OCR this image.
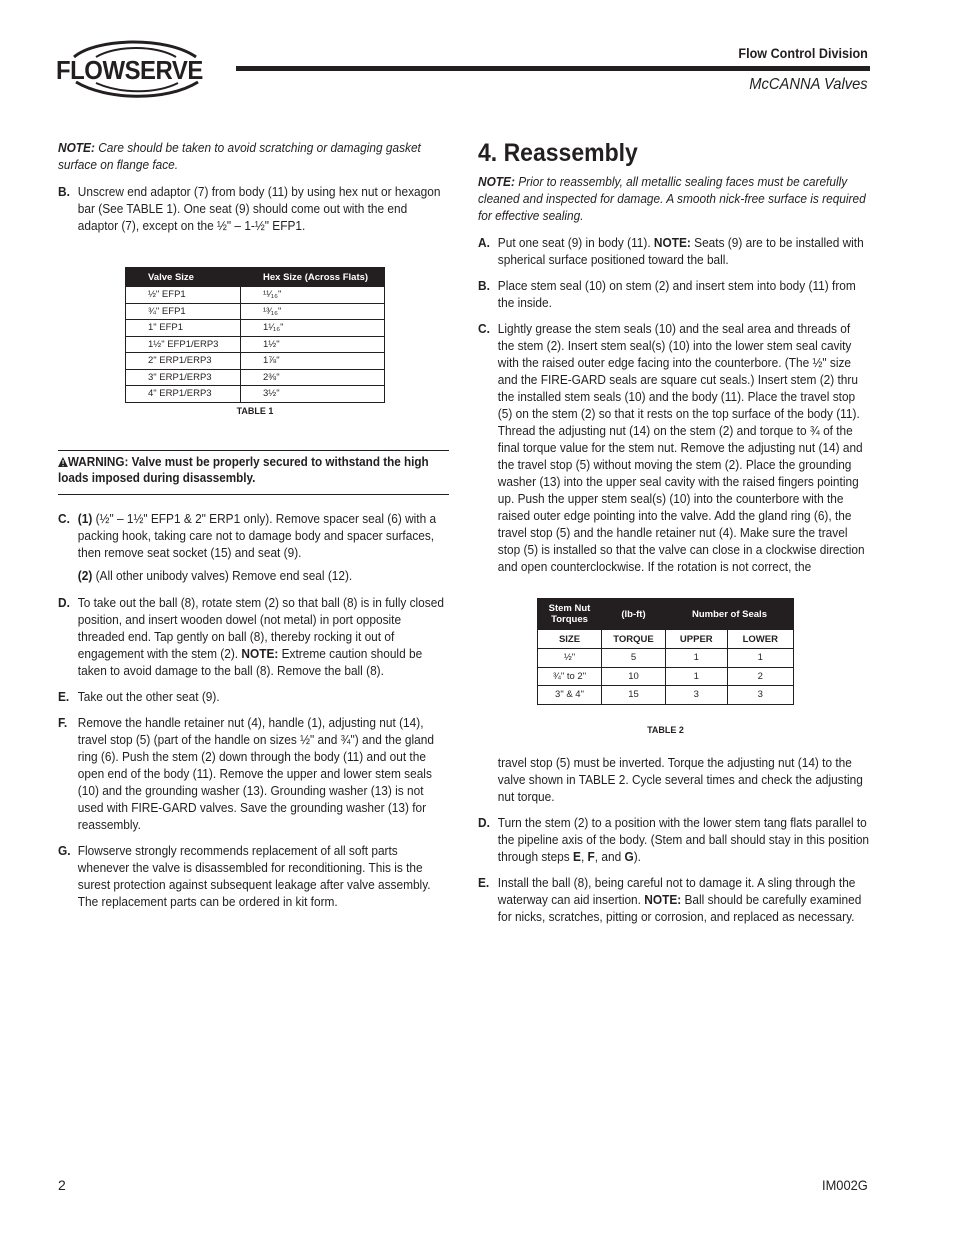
FLOWSERVE
Flow Control Division
McCANNA Valves

NOTE: Care should be taken to avoid scratching or damaging gasket surface on flange face.

B. Unscrew end adaptor (7) from body (11) by using hex nut or hexagon bar (See TABLE 1). One seat (9) should come out with the end adaptor (7), except on the ½" – 1-½" EFP1.

Valve Size	Hex Size (Across Flats)
½" EFP1	¹¹⁄₁₆"
¾" EFP1	¹³⁄₁₆"
1" EFP1	1¹⁄₁₆"
1½" EFP1/ERP3	1½"
2" ERP1/ERP3	1⅞"
3" ERP1/ERP3	2⅜"
4" ERP1/ERP3	3½"
TABLE 1
WARNING: Valve must be properly secured to withstand the high loads imposed during disassembly.
C. (1) (½" – 1½" EFP1 & 2" ERP1 only). Remove spacer seal (6) with a packing hook, taking care not to damage body and spacer surfaces, then remove seat socket (15) and seat (9).

(2) (All other unibody valves) Remove end seal (12).

D. To take out the ball (8), rotate stem (2) so that ball (8) is in fully closed position, and insert wooden dowel (not metal) in port opposite threaded end. Tap gently on ball (8), thereby rocking it out of engagement with the stem (2). NOTE: Extreme caution should be taken to avoid damage to the ball (8). Remove the ball (8).

E. Take out the other seat (9).

F. Remove the handle retainer nut (4), handle (1), adjusting nut (14), travel stop (5) (part of the handle on sizes ½" and ¾") and the gland ring (6). Push the stem (2) down through the body (11) and out the open end of the body (11). Remove the upper and lower stem seals (10) and the grounding washer (13). Grounding washer (13) is not used with FIRE-GARD valves. Save the grounding washer (13) for reassembly.

G. Flowserve strongly recommends replacement of all soft parts whenever the valve is disassembled for reconditioning. This is the surest protection against subsequent leakage after valve assembly. The replacement parts can be ordered in kit form.

4. Reassembly

NOTE: Prior to reassembly, all metallic sealing faces must be carefully cleaned and inspected for damage. A smooth nick-free surface is required for effective sealing.

A. Put one seat (9) in body (11). NOTE: Seats (9) are to be installed with spherical surface positioned toward the ball.

B. Place stem seal (10) on stem (2) and insert stem into body (11) from the inside.

C. Lightly grease the stem seals (10) and the seal area and threads of the stem (2). Insert stem seal(s) (10) into the lower stem seal cavity with the raised outer edge facing into the counterbore. (The ½" size and the FIRE-GARD seals are square cut seals.) Insert stem (2) thru the installed stem seals (10) and the body (11). Place the travel stop (5) on the stem (2) so that it rests on the top surface of the body (11). Thread the adjusting nut (14) on the stem (2) and torque to ¾ of the final torque value for the stem nut. Remove the adjusting nut (14) and the travel stop (5) without moving the stem (2). Place the grounding washer (13) into the upper seal cavity with the raised fingers pointing up. Push the upper stem seal(s) (10) into the counterbore with the raised outer edge pointing into the valve. Add the gland ring (6), the travel stop (5) and the handle retainer nut (4). Make sure the travel stop (5) is installed so that the valve can close in a clockwise direction and open counterclockwise. If the rotation is not correct, the

Stem Nut Torques	(lb-ft)	Number of Seals	
SIZE	TORQUE	UPPER	LOWER
½"	5	1	1
¾" to 2"	10	1	2
3" & 4"	15	3	3
TABLE 2

travel stop (5) must be inverted. Torque the adjusting nut (14) to the valve shown in TABLE 2. Cycle several times and check the adjusting nut torque.

D. Turn the stem (2) to a position with the lower stem tang flats parallel to the pipeline axis of the body. (Stem and ball should stay in this position through steps E, F, and G).

E. Install the ball (8), being careful not to damage it. A sling through the waterway can aid insertion. NOTE: Ball should be carefully examined for nicks, scratches, pitting or corrosion, and replaced as necessary.

2	IM002G
